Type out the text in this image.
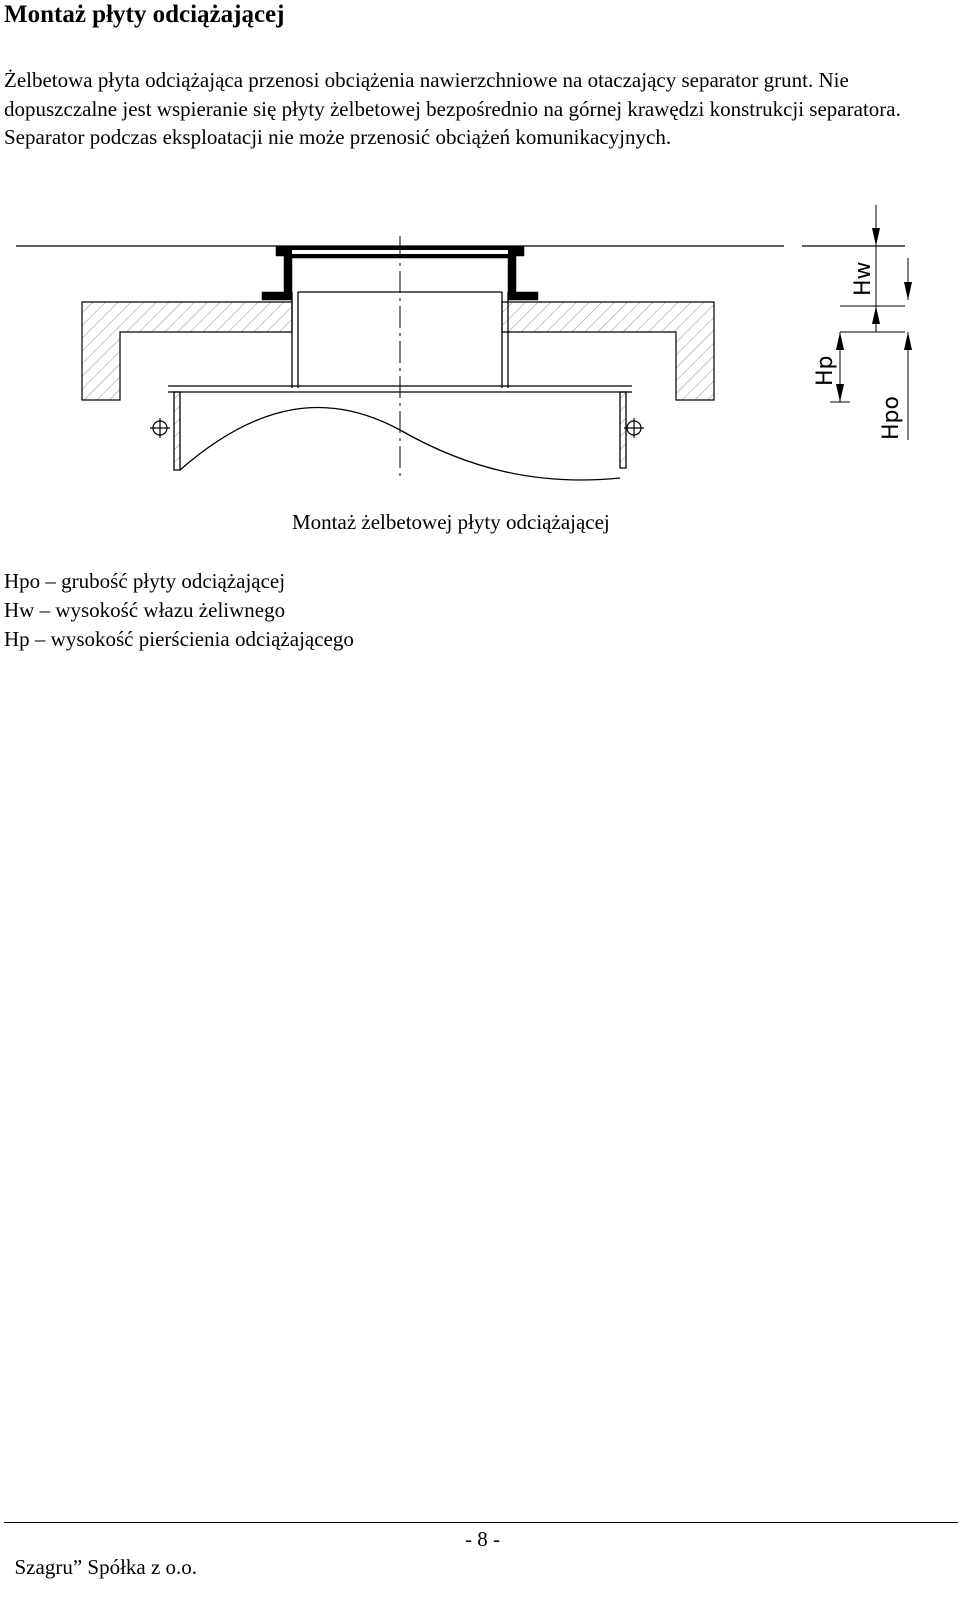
Montaż płyty odciążającej

Żelbetowa płyta odciążająca przenosi obciążenia nawierzchniowe na otaczający separator grunt. Nie dopuszczalne jest wspieranie się płyty żelbetowej bezpośrednio na górnej krawędzi konstrukcji separatora. Separator podczas eksploatacji nie może przenosić obciążeń komunikacyjnych.

Hw
Hp
Hpo

Montaż żelbetowej płyty odciążającej

Hpo – grubość płyty odciążającej
Hw – wysokość włazu żeliwnego
Hp – wysokość pierścienia odciążającego

Szagru” Spółka z o.o.

- 8 -
